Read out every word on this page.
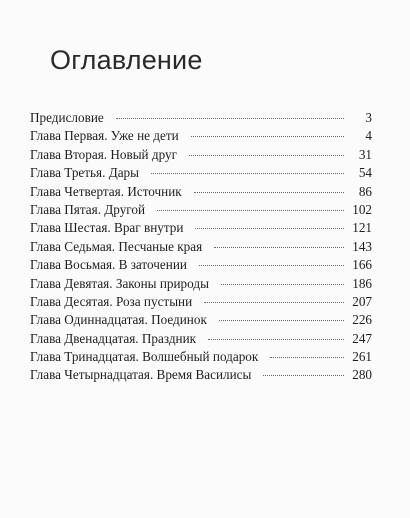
Оглавление
Предисловие	3
Глава Первая. Уже не дети	4
Глава Вторая. Новый друг	31
Глава Третья. Дары	54
Глава Четвертая. Источник	86
Глава Пятая. Другой	102
Глава Шестая. Враг внутри	121
Глава Седьмая. Песчаные края	143
Глава Восьмая. В заточении	166
Глава Девятая. Законы природы	186
Глава Десятая. Роза пустыни	207
Глава Одиннадцатая. Поединок	226
Глава Двенадцатая. Праздник	247
Глава Тринадцатая. Волшебный подарок	261
Глава Четырнадцатая. Время Василисы	280
